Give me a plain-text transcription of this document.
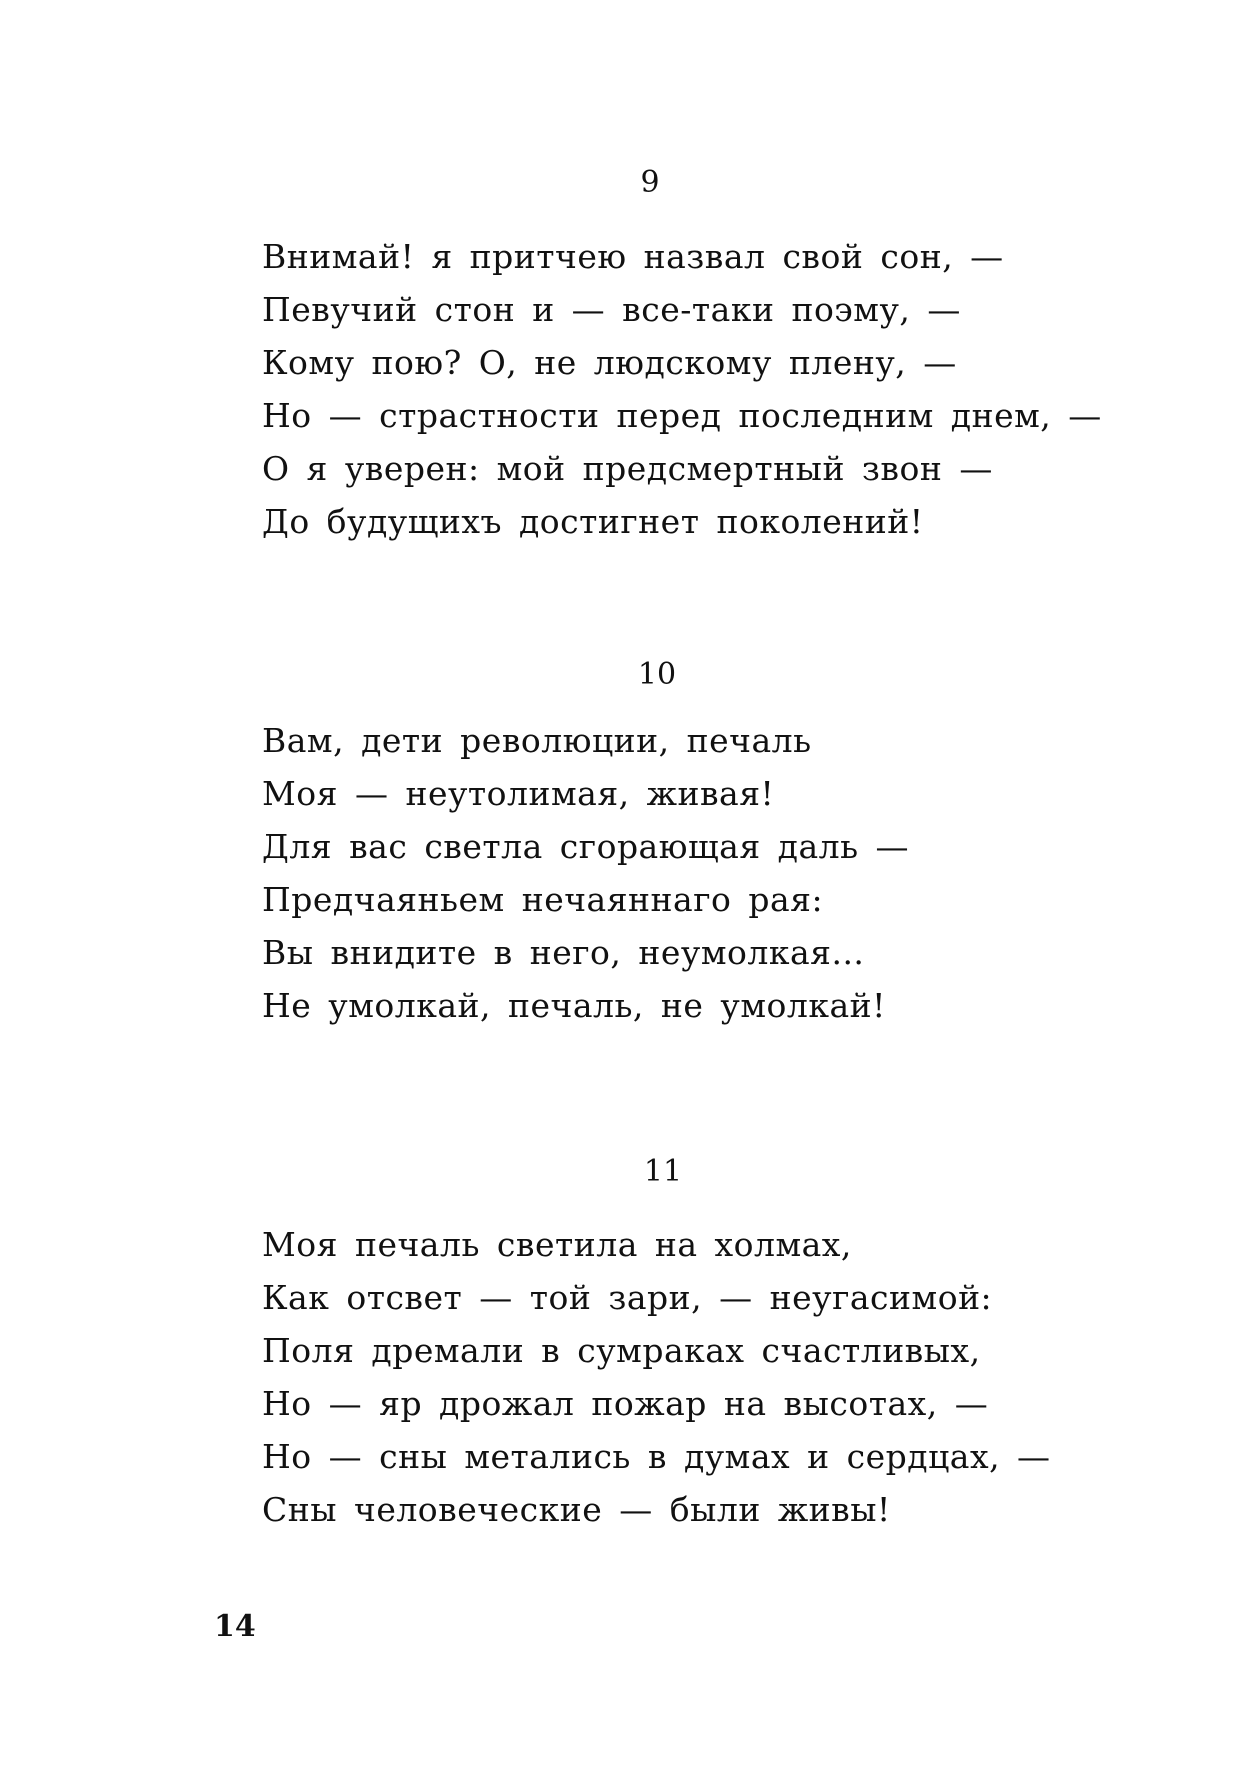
9
Внимай! я притчею назвал свой сон, —
Певучий стон и — все-таки поэму, —
Кому пою? О, не людскому плену, —
Но — страстности перед последним днем, —
О я уверен: мой предсмертный звон —
До будущихъ достигнет поколений!
10
Вам, дети революции, печаль
Моя — неутолимая, живая!
Для вас светла сгорающая даль —
Предчаяньем нечаяннаго рая:
Вы внидите в него, неумолкая...
Не умолкай, печаль, не умолкай!
11
Моя печаль светила на холмах,
Как отсвет — той зари, — неугасимой:
Поля дремали в сумраках счастливых,
Но — яр дрожал пожар на высотах, —
Но — сны метались в думах и сердцах, —
Сны человеческие — были живы!
14
